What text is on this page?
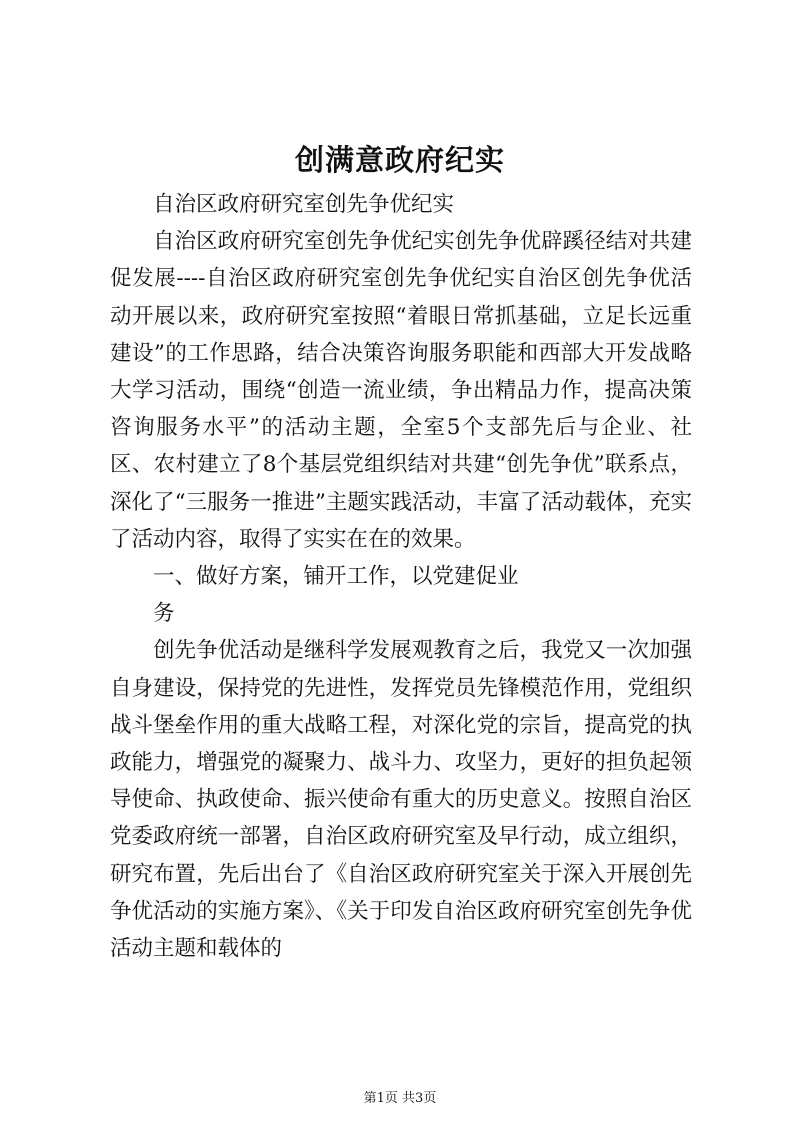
创满意政府纪实

自治区政府研究室创先争优纪实

自治区政府研究室创先争优纪实创先争优辟蹊径结对共建促发展----自治区政府研究室创先争优纪实自治区创先争优活动开展以来，政府研究室按照“着眼日常抓基础，立足长远重建设”的工作思路，结合决策咨询服务职能和西部大开发战略大学习活动，围绕“创造一流业绩，争出精品力作，提高决策咨询服务水平”的活动主题，全室5个支部先后与企业、社区、农村建立了8个基层党组织结对共建“创先争优”联系点，深化了“三服务一推进”主题实践活动，丰富了活动载体，充实了活动内容，取得了实实在在的效果。

一、做好方案，铺开工作，以党建促业

务

创先争优活动是继科学发展观教育之后，我党又一次加强自身建设，保持党的先进性，发挥党员先锋模范作用，党组织战斗堡垒作用的重大战略工程，对深化党的宗旨，提高党的执政能力，增强党的凝聚力、战斗力、攻坚力，更好的担负起领导使命、执政使命、振兴使命有重大的历史意义。按照自治区党委政府统一部署，自治区政府研究室及早行动，成立组织，研究布置，先后出台了《自治区政府研究室关于深入开展创先争优活动的实施方案》、《关于印发自治区政府研究室创先争优活动主题和载体的

第1页 共3页
